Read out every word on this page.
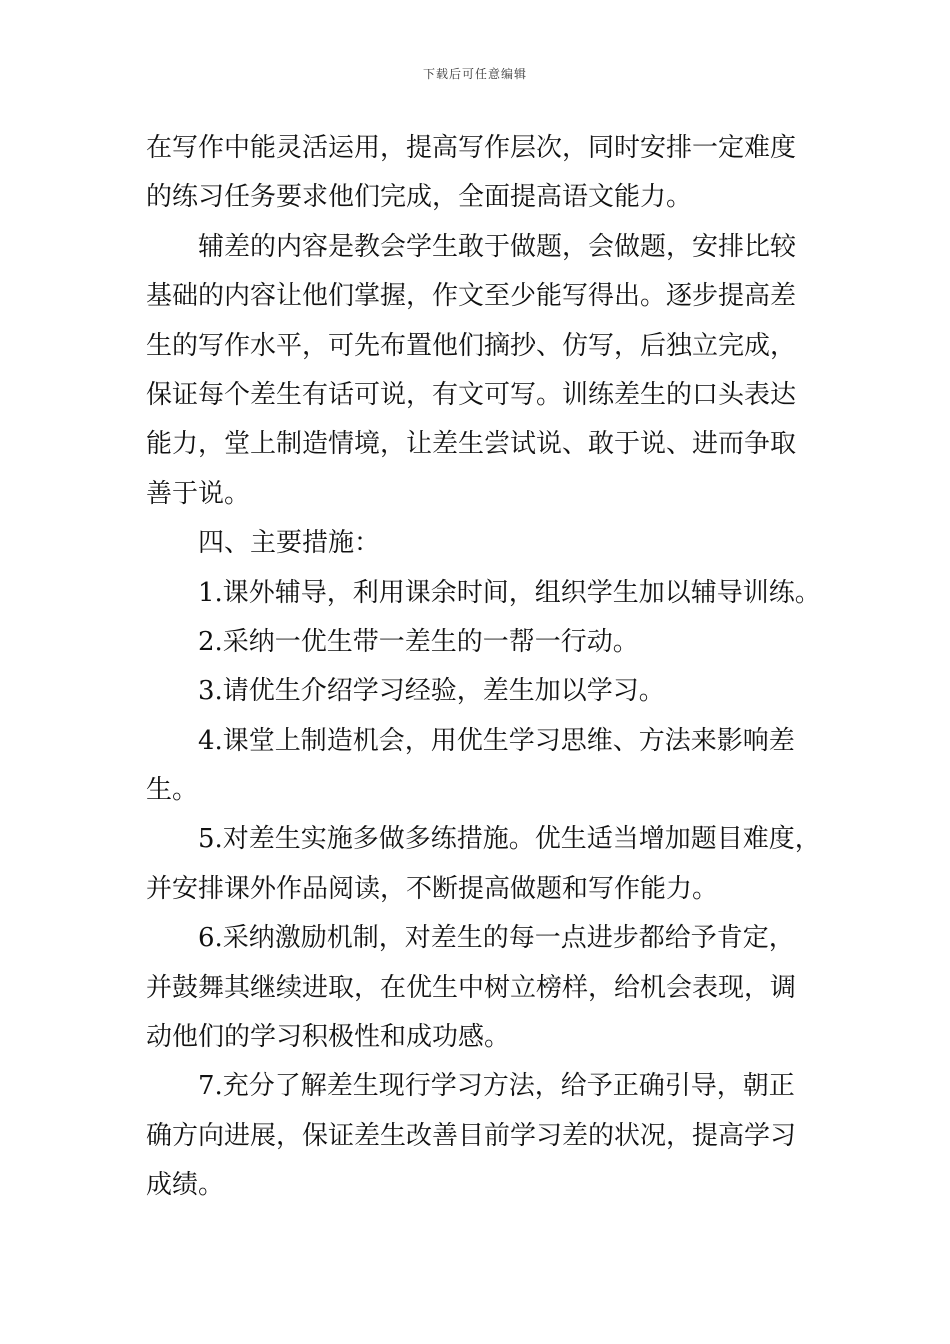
下载后可任意编辑
在写作中能灵活运用，提高写作层次，同时安排一定难度
的练习任务要求他们完成，全面提高语文能力。
辅差的内容是教会学生敢于做题，会做题，安排比较
基础的内容让他们掌握，作文至少能写得出。逐步提高差
生的写作水平，可先布置他们摘抄、仿写，后独立完成，
保证每个差生有话可说，有文可写。训练差生的口头表达
能力，堂上制造情境，让差生尝试说、敢于说、进而争取
善于说。
四、主要措施：
1.课外辅导，利用课余时间，组织学生加以辅导训练。
2.采纳一优生带一差生的一帮一行动。
3.请优生介绍学习经验，差生加以学习。
4.课堂上制造机会，用优生学习思维、方法来影响差
生。
5.对差生实施多做多练措施。优生适当增加题目难度，
并安排课外作品阅读，不断提高做题和写作能力。
6.采纳激励机制，对差生的每一点进步都给予肯定，
并鼓舞其继续进取，在优生中树立榜样，给机会表现，调
动他们的学习积极性和成功感。
7.充分了解差生现行学习方法，给予正确引导，朝正
确方向进展，保证差生改善目前学习差的状况，提高学习
成绩。
